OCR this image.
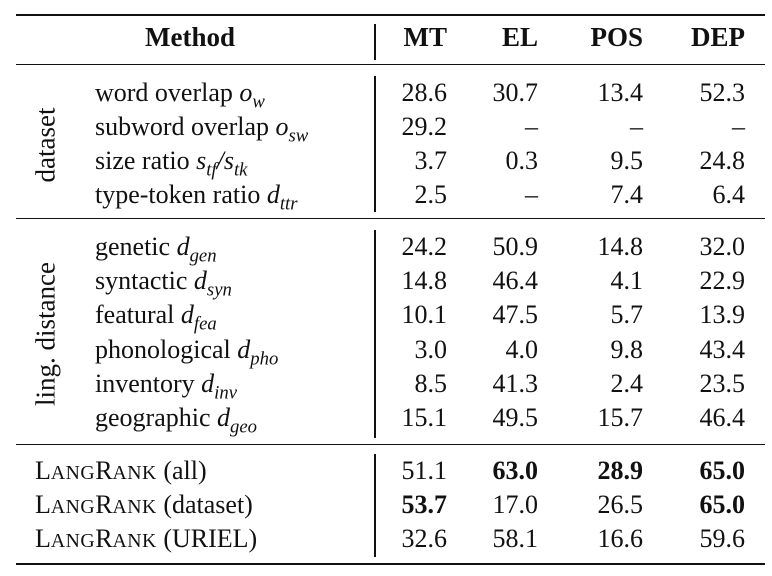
Method	MT	EL	POS	DEP
dataset
ling. distance
word overlap $o_w$	28.6	30.7	13.4	52.3
subword overlap $o_{sw}$	29.2	–	–	–
size ratio $s_{tf}/s_{tk}$	3.7	0.3	9.5	24.8
type-token ratio $d_{ttr}$	2.5	–	7.4	6.4
genetic $d_{gen}$	24.2	50.9	14.8	32.0
syntactic $d_{syn}$	14.8	46.4	4.1	22.9
featural $d_{fea}$	10.1	47.5	5.7	13.9
phonological $d_{pho}$	3.0	4.0	9.8	43.4
inventory $d_{inv}$	8.5	41.3	2.4	23.5
geographic $d_{geo}$	15.1	49.5	15.7	46.4
LANGRANK (all)	51.1	63.0	28.9	65.0
LANGRANK (dataset)	53.7	17.0	26.5	65.0
LANGRANK (URIEL)	32.6	58.1	16.6	59.6
